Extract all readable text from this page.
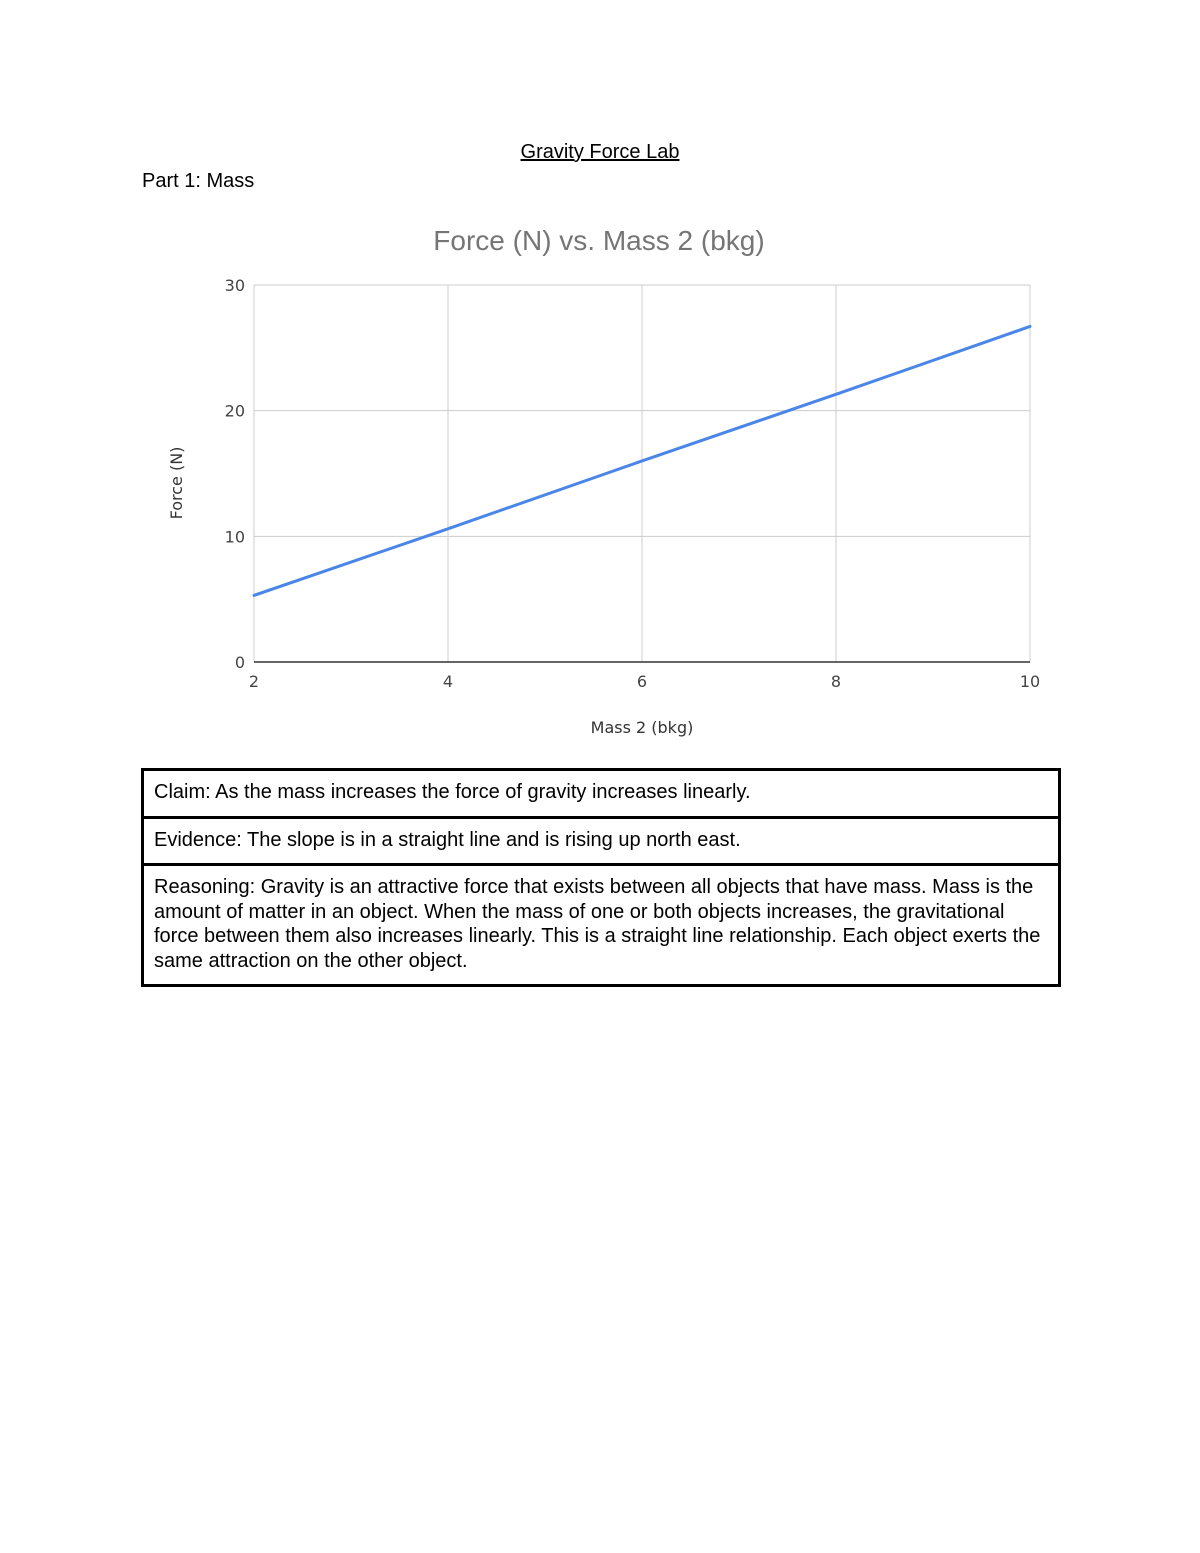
Gravity Force Lab
Part 1: Mass
Force (N) vs. Mass 2 (bkg)
2	4	6	8	10
0
10
20
30
Mass 2 (bkg)
Force (N)
Claim: As the mass increases the force of gravity increases linearly.
Evidence: The slope is in a straight line and is rising up north east.
Reasoning: Gravity is an attractive force that exists between all objects that have mass. Mass is the amount of matter in an object. When the mass of one or both objects increases, the gravitational force between them also increases linearly. This is a straight line relationship. Each object exerts the same attraction on the other object.
